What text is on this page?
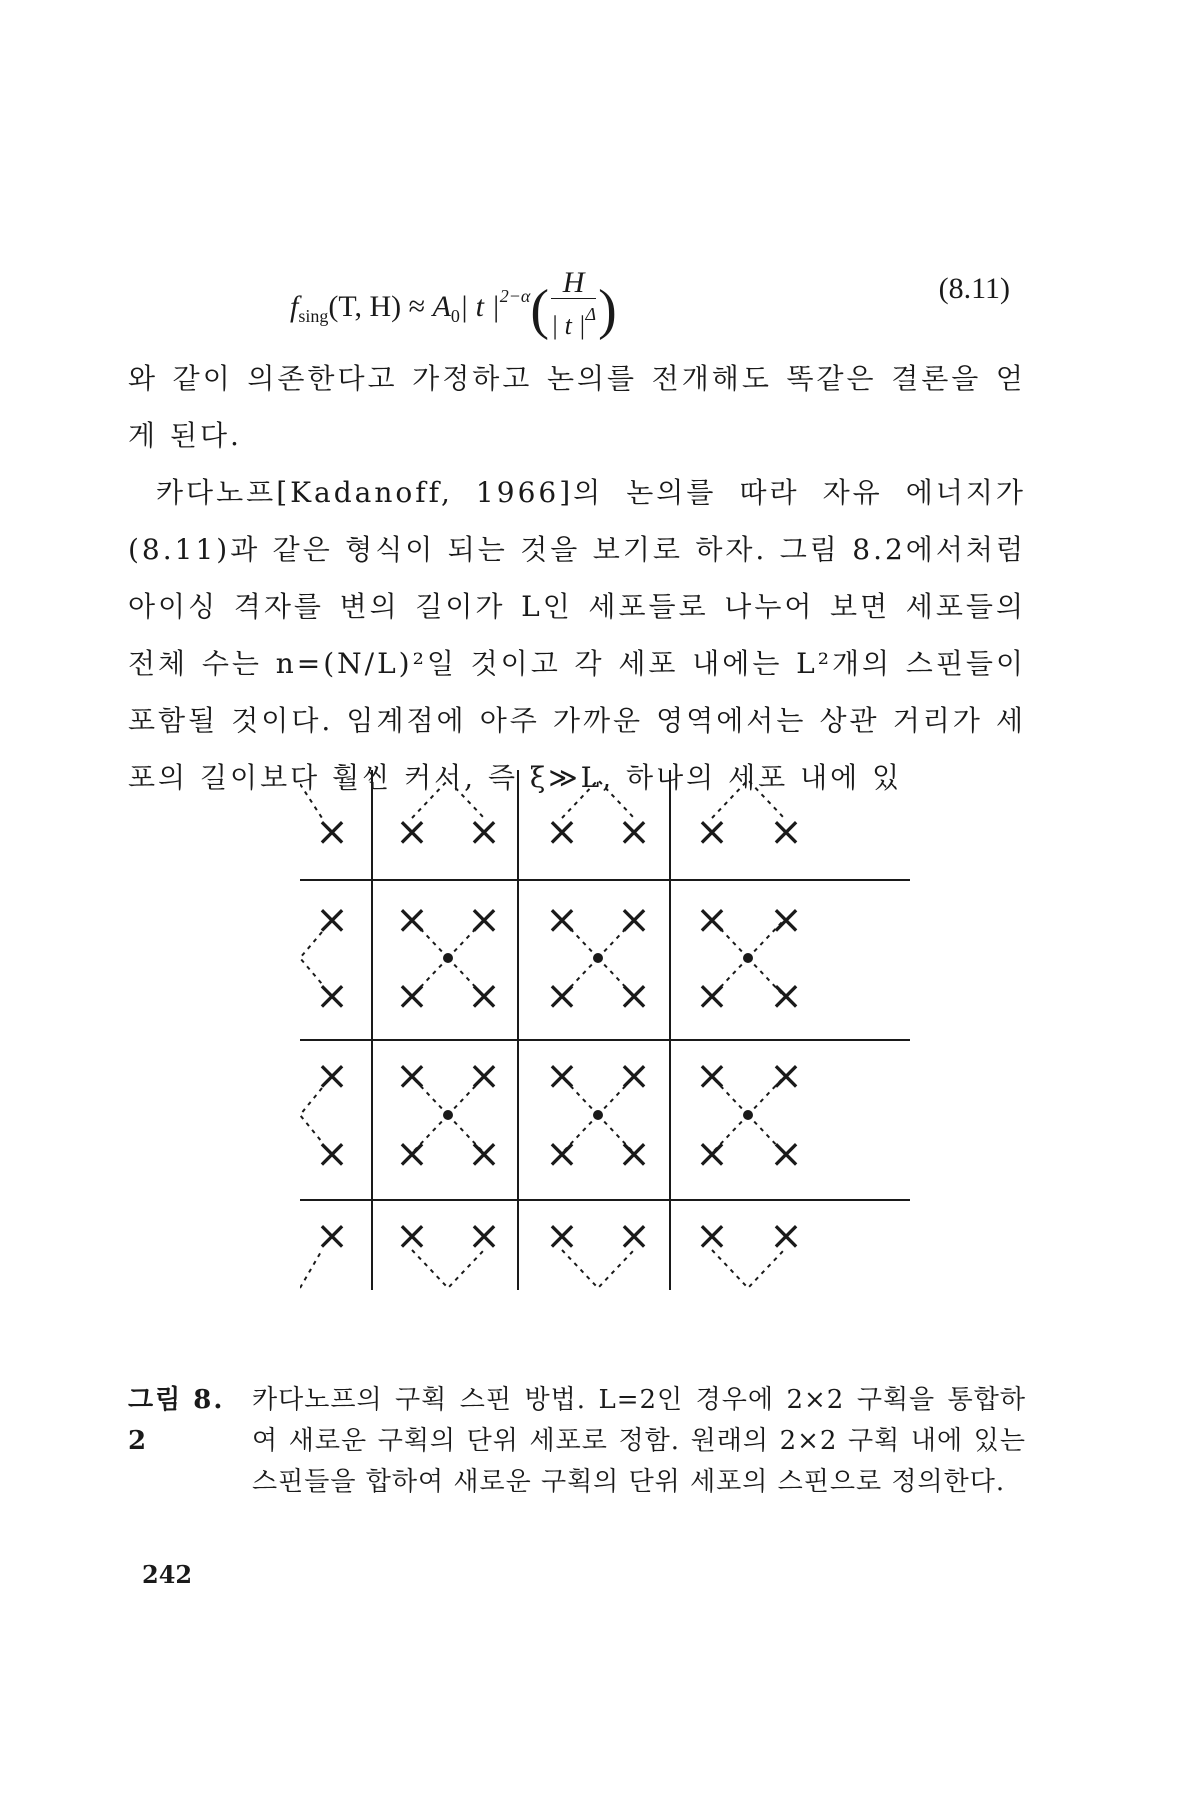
$f_{sing}(T$, $H) \approx A_0|$ t $|^{2-\alpha}( \frac{H}{| t |^\Delta}$ )	(8.11)

와 같이 의존한다고 가정하고 논의를 전개해도 똑같은 결론을 얻게 된다.

카다노프[Kadanoff, 1966]의 논의를 따라 자유 에너지가 (8.11)과 같은 형식이 되는 것을 보기로 하자. 그림 8.2에서처럼 아이싱 격자를 변의 길이가 L인 세포들로 나누어 보면 세포들의 전체 수는 n=(N/L)²일 것이고 각 세포 내에는 L²개의 스핀들이 포함될 것이다. 임계점에 아주 가까운 영역에서는 상관 거리가 세포의 길이보다 훨씬 커서, 즉 ξ≫L, 하나의 세포 내에 있

× × × × × × ×
× × × × × × ×
× × × × × × ×
× × × × × × ×
× × × × × × ×
× × × × × × ×
그림 8. 2
카다노프의 구획 스핀 방법. L=2인 경우에 2×2 구획을 통합하여 새로운 구획의 단위 세포로 정함. 원래의 2×2 구획 내에 있는 스핀들을 합하여 새로운 구획의 단위 세포의 스핀으로 정의한다.
242
